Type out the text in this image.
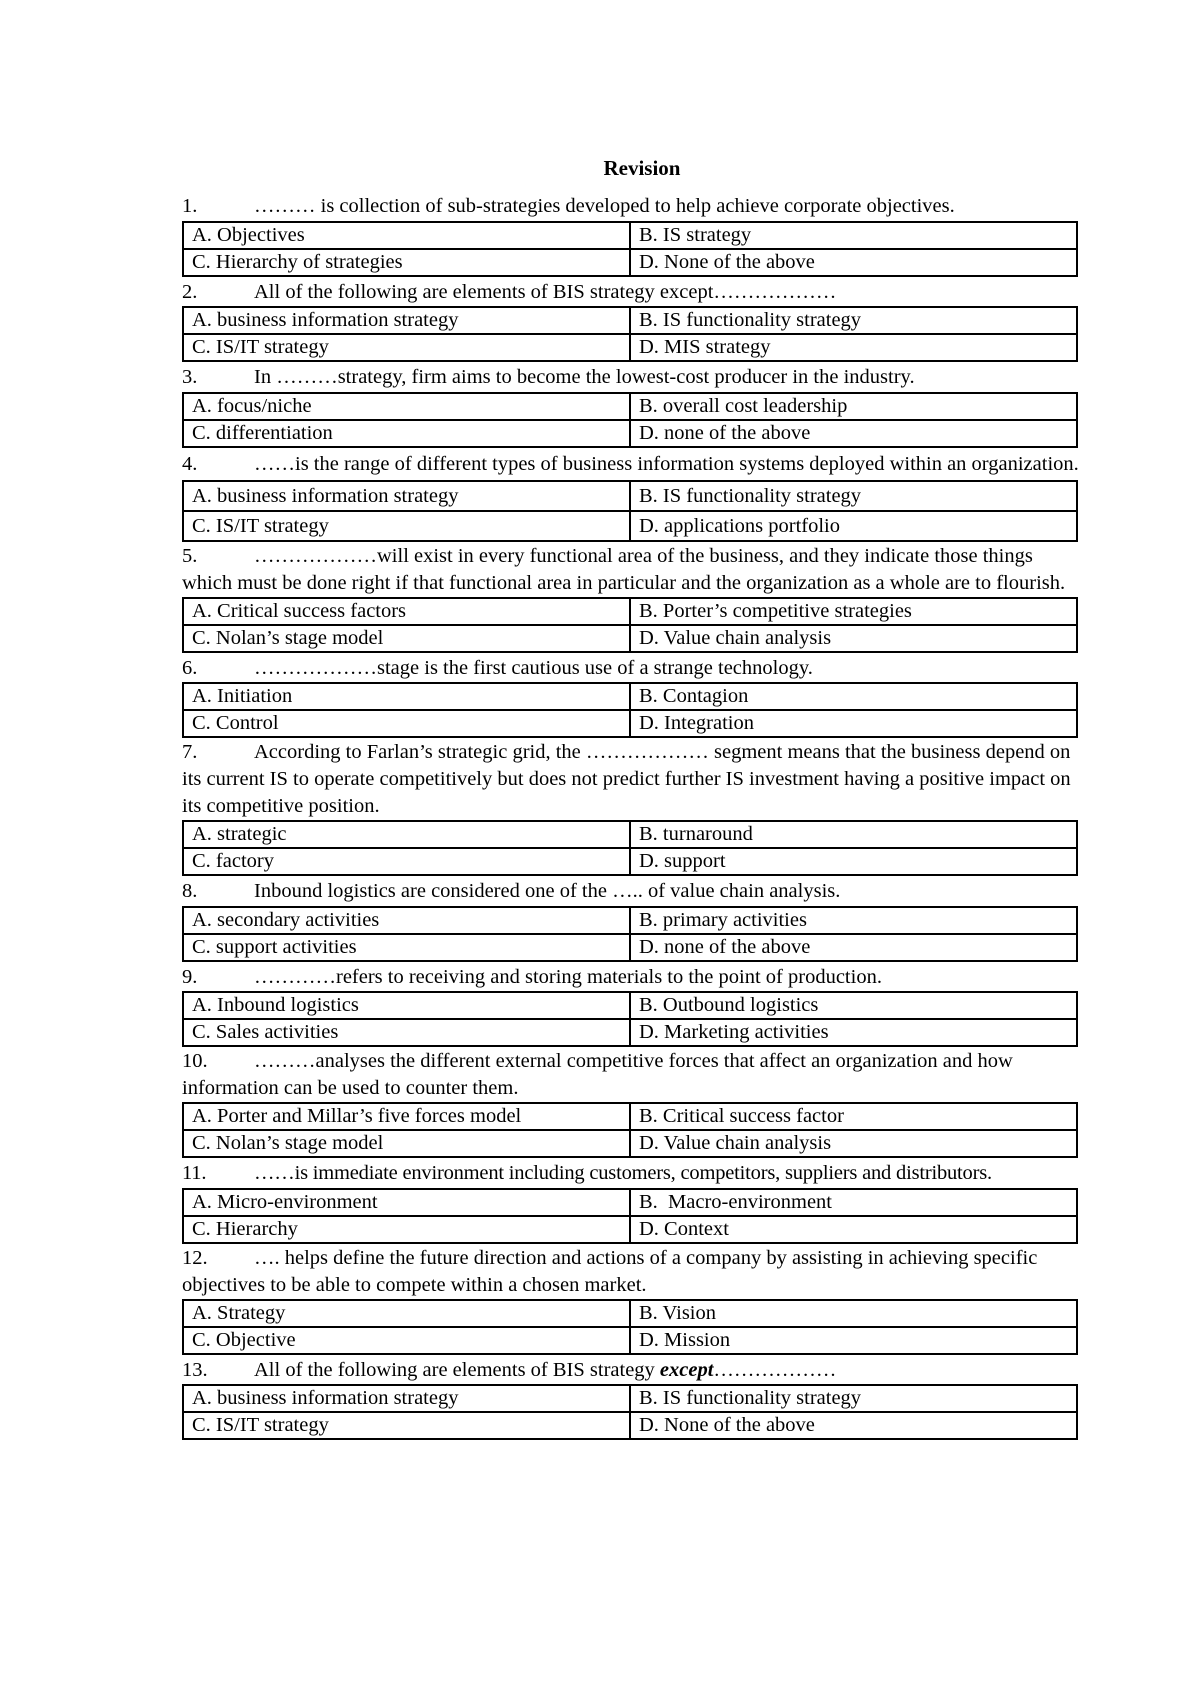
Revision

1.	……… is collection of sub-strategies developed to help achieve corporate objectives.

A. Objectives	B. IS strategy
C. Hierarchy of strategies	D. None of the above

2.	All of the following are elements of BIS strategy except………………

A. business information strategy	B. IS functionality strategy
C. IS/IT strategy	D. MIS strategy

3.	In ………strategy, firm aims to become the lowest-cost producer in the industry.

A. focus/niche	B. overall cost leadership
C. differentiation	D. none of the above

4.	……is the range of different types of business information systems deployed within an organization.

A. business information strategy	B. IS functionality strategy
C. IS/IT strategy	D. applications portfolio

5.	………………will exist in every functional area of the business, and they indicate those things which must be done right if that functional area in particular and the organization as a whole are to flourish.

A. Critical success factors	B. Porter’s competitive strategies
C. Nolan’s stage model	D. Value chain analysis

6.	………………stage is the first cautious use of a strange technology.

A. Initiation	B. Contagion
C. Control	D. Integration

7.	According to Farlan’s strategic grid, the ……………… segment means that the business depend on its current IS to operate competitively but does not predict further IS investment having a positive impact on its competitive position.

A. strategic	B. turnaround
C. factory	D. support

8.	Inbound logistics are considered one of the ….. of value chain analysis.

A. secondary activities	B. primary activities
C. support activities	D. none of the above

9.	…………refers to receiving and storing materials to the point of production.

A. Inbound logistics	B. Outbound logistics
C. Sales activities	D. Marketing activities

10. ………analyses the different external competitive forces that affect an organization and how information can be used to counter them.

A. Porter and Millar’s five forces model	B. Critical success factor
C. Nolan’s stage model	D. Value chain analysis

11. ……is immediate environment including customers, competitors, suppliers and distributors.

A. Micro-environment	B.  Macro-environment
C. Hierarchy	D. Context

12. …. helps define the future direction and actions of a company by assisting in achieving specific objectives to be able to compete within a chosen market.

A. Strategy	B. Vision
C. Objective	D. Mission

13. All of the following are elements of BIS strategy except………………

A. business information strategy	B. IS functionality strategy
C. IS/IT strategy	D. None of the above
